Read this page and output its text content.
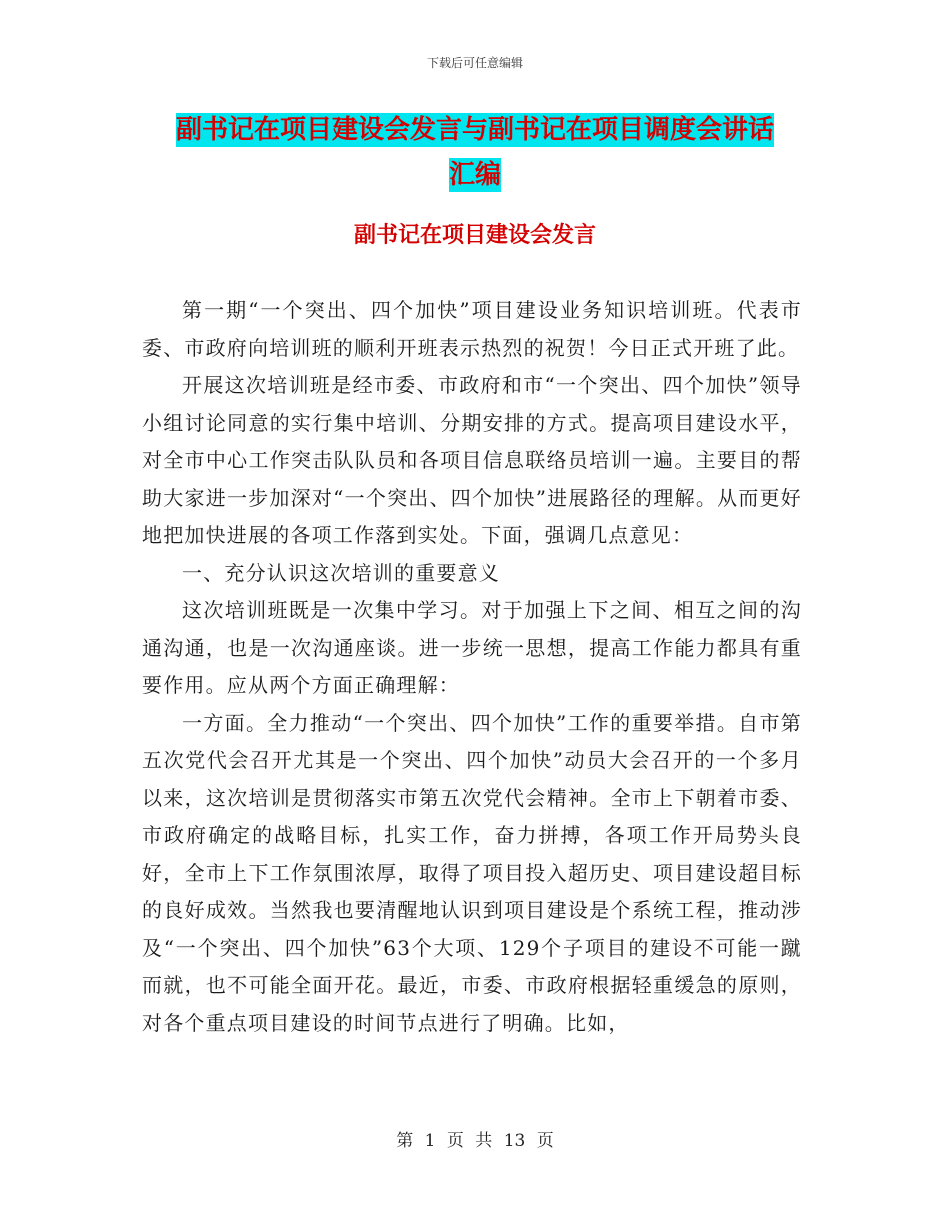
下载后可任意编辑
副书记在项目建设会发言与副书记在项目调度会讲话
汇编
副书记在项目建设会发言

第一期“一个突出、四个加快”项目建设业务知识培训班。代表市委、市政府向培训班的顺利开班表示热烈的祝贺！今日正式开班了此。

开展这次培训班是经市委、市政府和市“一个突出、四个加快”领导小组讨论同意的实行集中培训、分期安排的方式。提高项目建设水平，对全市中心工作突击队队员和各项目信息联络员培训一遍。主要目的帮助大家进一步加深对“一个突出、四个加快”进展路径的理解。从而更好地把加快进展的各项工作落到实处。下面，强调几点意见：

一、充分认识这次培训的重要意义

这次培训班既是一次集中学习。对于加强上下之间、相互之间的沟通沟通，也是一次沟通座谈。进一步统一思想，提高工作能力都具有重要作用。应从两个方面正确理解：

一方面。全力推动“一个突出、四个加快”工作的重要举措。自市第五次党代会召开尤其是一个突出、四个加快”动员大会召开的一个多月以来，这次培训是贯彻落实市第五次党代会精神。全市上下朝着市委、市政府确定的战略目标，扎实工作，奋力拼搏，各项工作开局势头良好，全市上下工作氛围浓厚，取得了项目投入超历史、项目建设超目标的良好成效。当然我也要清醒地认识到项目建设是个系统工程，推动涉及“一个突出、四个加快”63个大项、129个子项目的建设不可能一蹴而就，也不可能全面开花。最近，市委、市政府根据轻重缓急的原则，对各个重点项目建设的时间节点进行了明确。比如，

第 1 页 共 13 页
